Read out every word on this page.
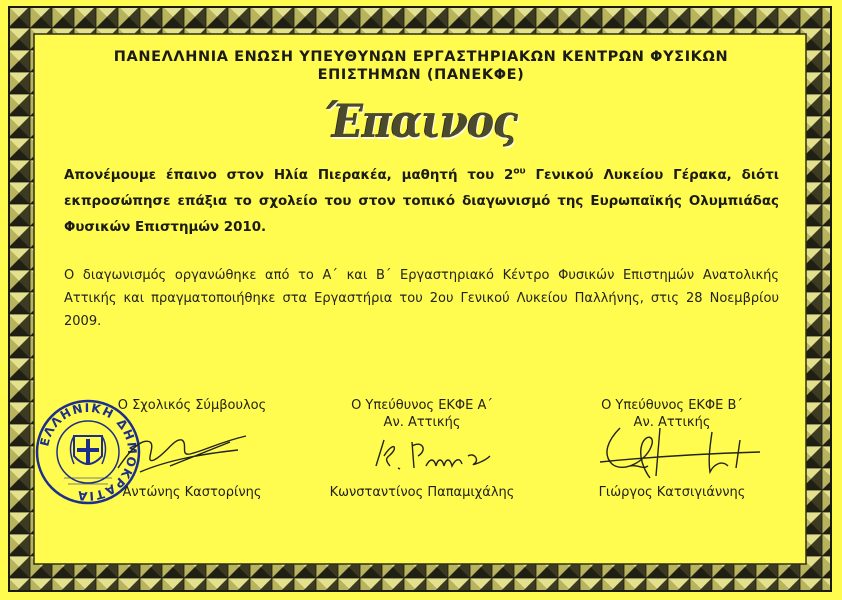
ΠΑΝΕΛΛΗΝΙΑ ΕΝΩΣΗ ΥΠΕΥΘΥΝΩΝ ΕΡΓΑΣΤΗΡΙΑΚΩΝ ΚΕΝΤΡΩΝ ΦΥΣΙΚΩΝ ΕΠΙΣΤΗΜΩΝ (ΠΑΝΕΚΦΕ)
Έπαινος
Απονέμουμε έπαινο στον Ηλία Πιερακέα, μαθητή του $2^{o\upsilon}$ Γενικού Λυκείου Γέρακα, διότι εκπροσώπησε επάξια το σχολείο του στον τοπικό διαγωνισμό της Ευρωπαϊκής Ολυμπιάδας Φυσικών Επιστημών 2010.
Ο διαγωνισμός οργανώθηκε από το Α΄ και Β΄ Εργαστηριακό Κέντρο Φυσικών Επιστημών Ανατολικής Αττικής και πραγματοποιήθηκε στα Εργαστήρια του 2ου Γενικού Λυκείου Παλλήνης, στις 28 Νοεμβρίου 2009.
ΕΛΛΗΝΙΚΗ ΔΗΜΟΚΡΑΤΙΑ
Ο Σχολικός Σύμβουλος
Αντώνης Καστορίνης
Ο Υπεύθυνος ΕΚΦΕ Α΄
Αν. Αττικής
Κωνσταντίνος Παπαμιχάλης
Ο Υπεύθυνος ΕΚΦΕ Β΄
Αν. Αττικής
Γιώργος Κατσιγιάννης
